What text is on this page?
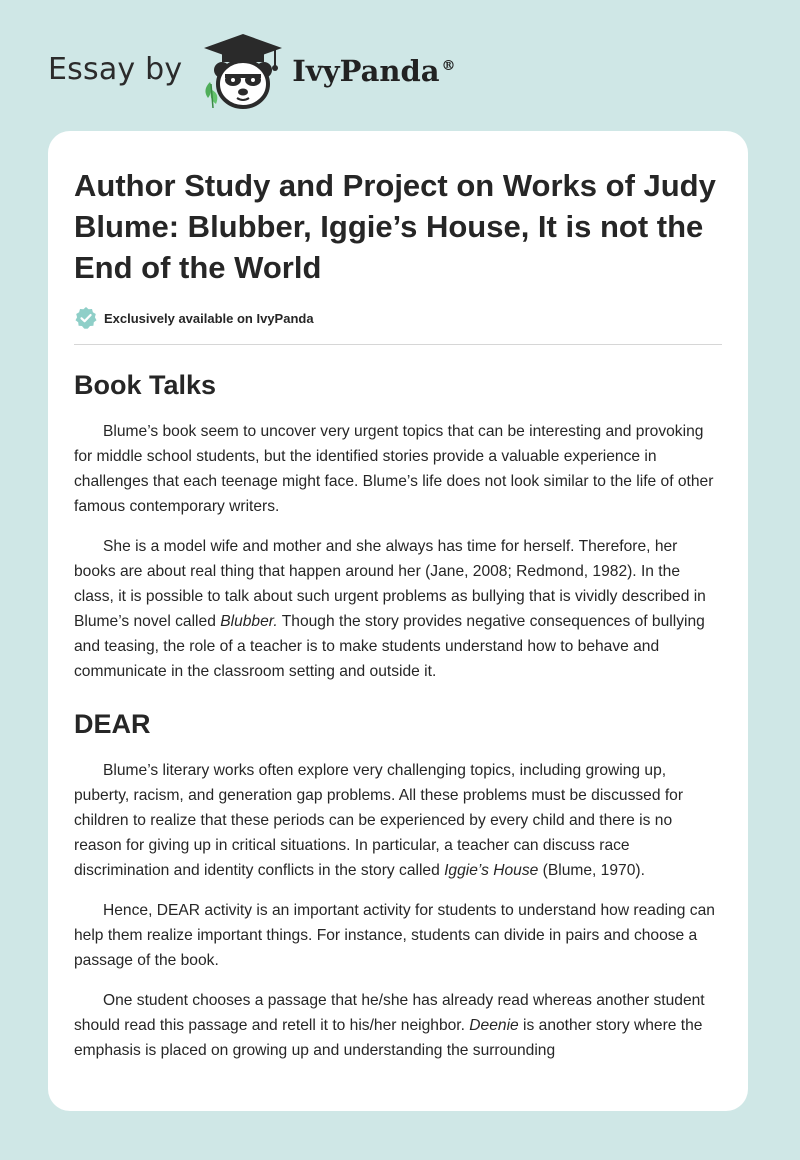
Essay by	IvyPanda ®
Author Study and Project on Works of Judy Blume: Blubber, Iggie’s House, It is not the End of the World
Exclusively available on IvyPanda
Book Talks

Blume’s book seem to uncover very urgent topics that can be interesting and provoking for middle school students, but the identified stories provide a valuable experience in challenges that each teenage might face. Blume’s life does not look similar to the life of other famous contemporary writers.

She is a model wife and mother and she always has time for herself. Therefore, her books are about real thing that happen around her (Jane, 2008; Redmond, 1982). In the class, it is possible to talk about such urgent problems as bullying that is vividly described in Blume’s novel called Blubber. Though the story provides negative consequences of bullying and teasing, the role of a teacher is to make students understand how to behave and communicate in the classroom setting and outside it.

DEAR

Blume’s literary works often explore very challenging topics, including growing up, puberty, racism, and generation gap problems. All these problems must be discussed for children to realize that these periods can be experienced by every child and there is no reason for giving up in critical situations. In particular, a teacher can discuss race discrimination and identity conflicts in the story called Iggie’s House (Blume, 1970).

Hence, DEAR activity is an important activity for students to understand how reading can help them realize important things. For instance, students can divide in pairs and choose a passage of the book.

One student chooses a passage that he/she has already read whereas another student should read this passage and retell it to his/her neighbor. Deenie is another story where the emphasis is placed on growing up and understanding the surrounding
